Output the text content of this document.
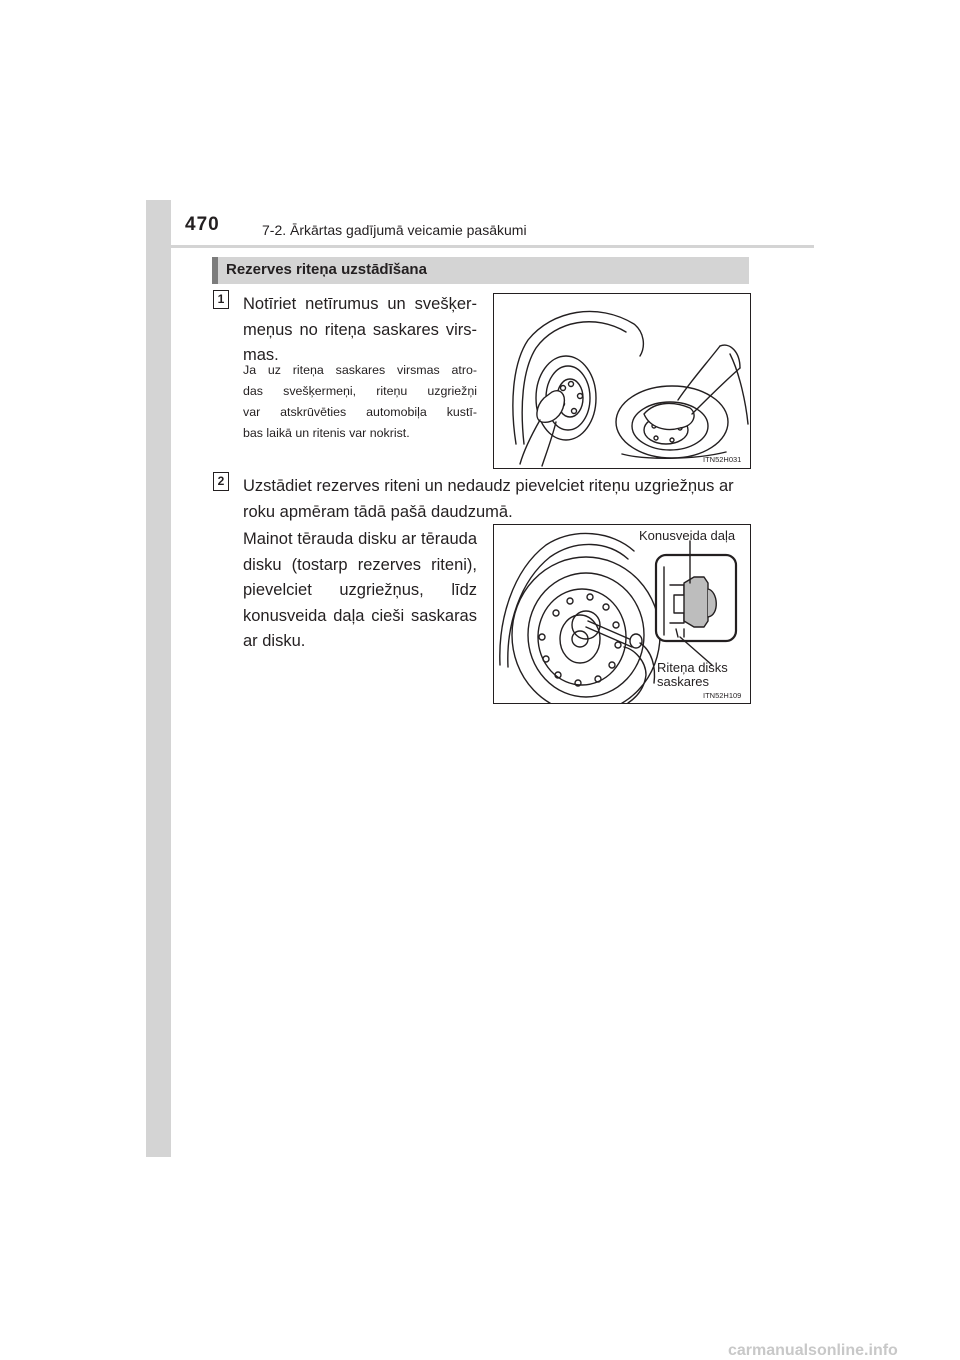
470	7-2. Ārkārtas gadījumā veicamie pasākumi
Rezerves riteņa uzstādīšana
1 Notīriet netīrumus un svešķer-
meņus no riteņa saskares virs-
mas.
Ja uz riteņa saskares virsmas atro-
das svešķermeņi, riteņu uzgriežņi
var atskrūvēties automobiļa kustī-
bas laikā un ritenis var nokrist.
ITN52H031
2 Uzstādiet rezerves riteni un nedaudz pievelciet riteņu uzgriežņus ar
roku apmēram tādā pašā daudzumā.
Mainot tērauda disku ar tērauda
disku (tostarp rezerves riteni),
pievelciet uzgriežņus, līdz
konusveida daļa cieši saskaras
ar disku.
Konusveida daļa
Riteņa disks
saskares
ITN52H109
carmanualsonline.info
